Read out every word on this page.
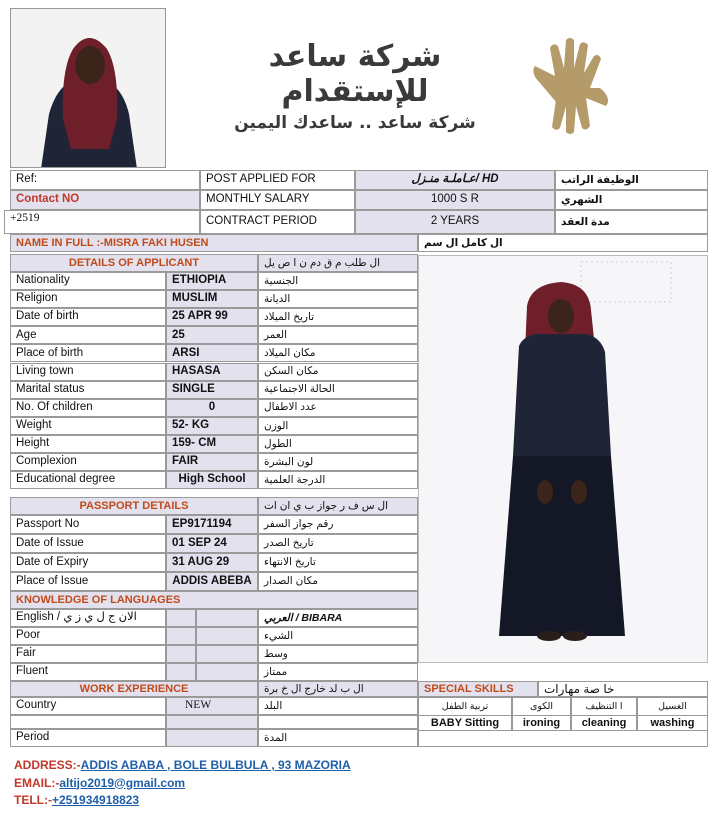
شركة ساعد للإستقدام
شركة ساعد .. ساعدك اليمين
Ref:	POST APPLIED FOR	عـاملـة منـزل/ HD	الوظيفة الراتب
Contact NO	MONTHLY SALARY	1000 S R	الشهري
+2519	CONTRACT PERIOD	2 YEARS	مدة العقد
NAME IN FULL :-MISRA FAKI HUSEN	ال كامل ال سم
DETAILS OF APPLICANT	ال طلب م ق دم ن ا ص يل
Nationality	ETHIOPIA	الجنسية
Religion	MUSLIM	الديانة
Date of birth	25 APR 99	تاريخ الميلاد
Age	25	العمر
Place of birth	ARSI	مكان الميلاد
Living town	HASASA	مكان السكن
Marital status	SINGLE	الحالة الاجتماعية
No. Of children	0	عدد الاطفال
Weight	52- KG	الوزن
Height	159- CM	الطول
Complexion	FAIR	لون البشرة
Educational degree	High School	الدرجة العلمية
PASSPORT DETAILS	ال س ف ر جواز ب ي ان ات
Passport No	EP9171194	رقم جواز السفر
Date of Issue	01 SEP 24	تاريخ الصدر
Date of Expiry	31 AUG 29	تاريخ الانتهاء
Place of Issue	ADDIS ABEBA	مكان الصدار
KNOWLEDGE OF LANGUAGES
English / الان ج ل ي ز ي	BIBARA / العربي
Poor	الشيء
Fair	وسط
Fluent	ممتاز
WORK EXPERIENCE	ال ب لد خارج ال خ برة
Country	NEW	البلد
Period	المدة
SPECIAL SKILLS	خا صة مهارات
تربية الطفل	الكوى	ا التنظيف	الغسيل
BABY Sitting	ironing	cleaning	washing
ADDRESS:-ADDIS ABABA , BOLE BULBULA , 93 MAZORIA
EMAIL:-altijo2019@gmail.com
TELL:-+251934918823
